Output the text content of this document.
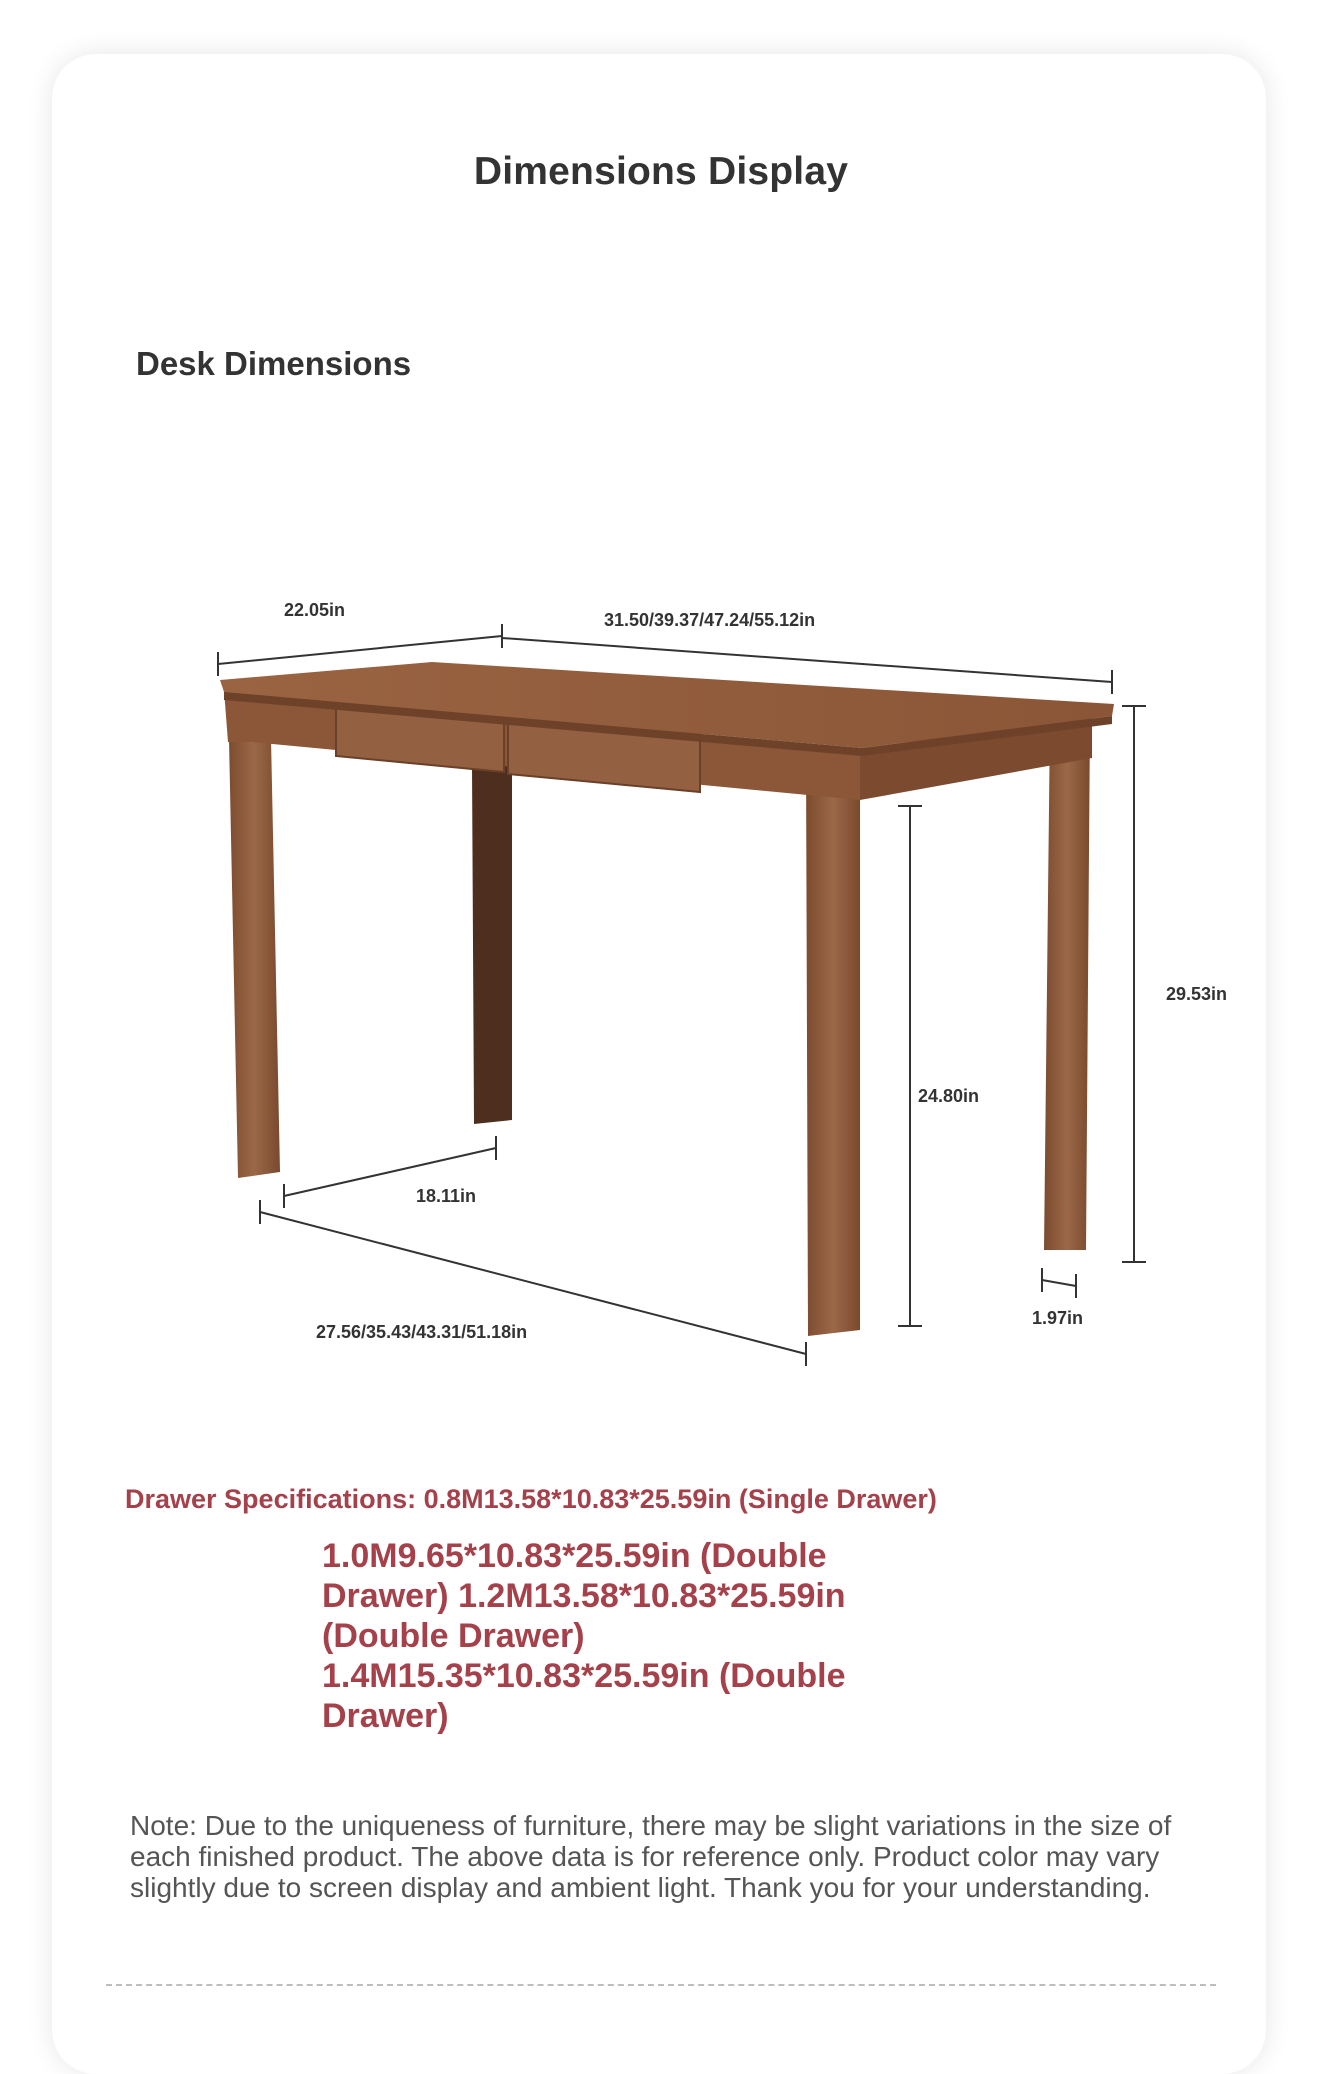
Dimensions Display
Desk Dimensions
22.05in	31.50/39.37/47.24/55.12in
29.53in
24.80in
18.11in
27.56/35.43/43.31/51.18in
1.97in
Drawer Specifications: 0.8M13.58*10.83*25.59in (Single Drawer)
1.0M9.65*10.83*25.59in (Double Drawer) 1.2M13.58*10.83*25.59in (Double Drawer) 1.4M15.35*10.83*25.59in (Double Drawer)
Note: Due to the uniqueness of furniture, there may be slight variations in the size of each finished product. The above data is for reference only. Product color may vary slightly due to screen display and ambient light. Thank you for your understanding.
